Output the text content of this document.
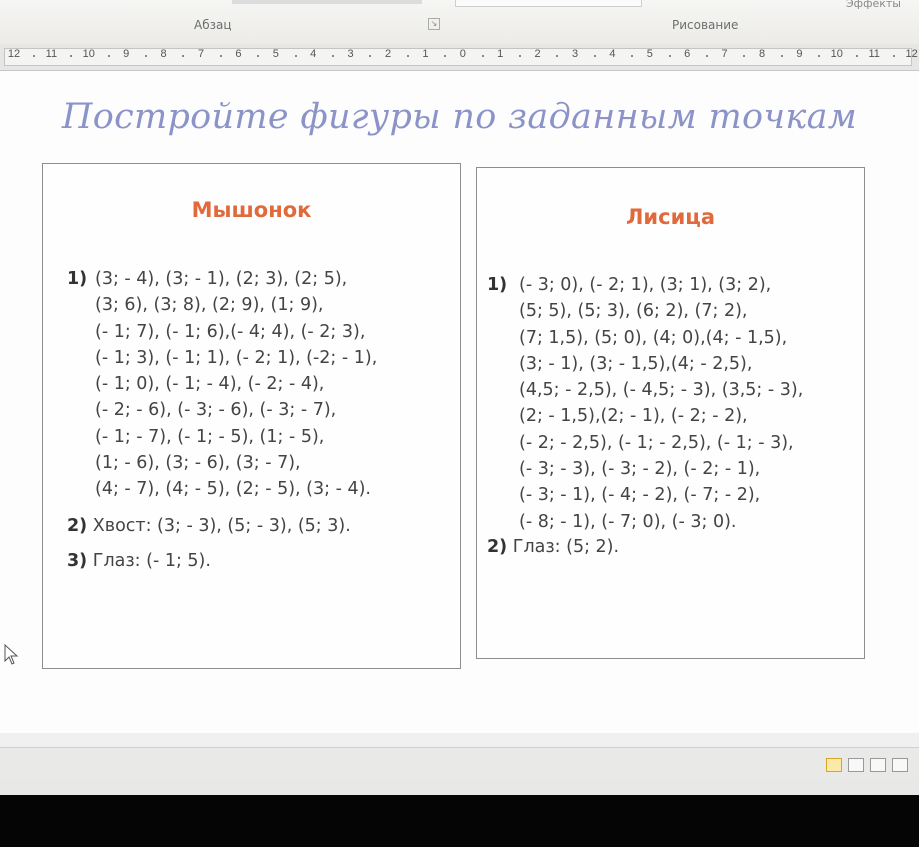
Абзац	↘	Рисование
Эффекты
12 11 10	9	8	7	6	5	4	3	2	1	0	1	2	3	4	5	6	7	8	9	10 11 12
Постройте фигуры по заданным точкам
Мышонок
1) (3; - 4), (3; - 1), (2; 3), (2; 5),
(3; 6), (3; 8), (2; 9), (1; 9),
(- 1; 7), (- 1; 6),(- 4; 4), (- 2; 3),
(- 1; 3), (- 1; 1), (- 2; 1), (-2; - 1),
(- 1; 0), (- 1; - 4), (- 2; - 4),
(- 2; - 6), (- 3; - 6), (- 3; - 7),
(- 1; - 7), (- 1; - 5), (1; - 5),
(1; - 6), (3; - 6), (3; - 7),
(4; - 7), (4; - 5), (2; - 5), (3; - 4).
2) Хвост: (3; - 3), (5; - 3), (5; 3).
3) Глаз: (- 1; 5).
Лисица
1) (- 3; 0), (- 2; 1), (3; 1), (3; 2),
(5; 5), (5; 3), (6; 2), (7; 2),
(7; 1,5), (5; 0), (4; 0),(4; - 1,5),
(3; - 1), (3; - 1,5),(4; - 2,5),
(4,5; - 2,5), (- 4,5; - 3), (3,5; - 3),
(2; - 1,5),(2; - 1), (- 2; - 2),
(- 2; - 2,5), (- 1; - 2,5), (- 1; - 3),
(- 3; - 3), (- 3; - 2), (- 2; - 1),
(- 3; - 1), (- 4; - 2), (- 7; - 2),
(- 8; - 1), (- 7; 0), (- 3; 0).
2) Глаз: (5; 2).
